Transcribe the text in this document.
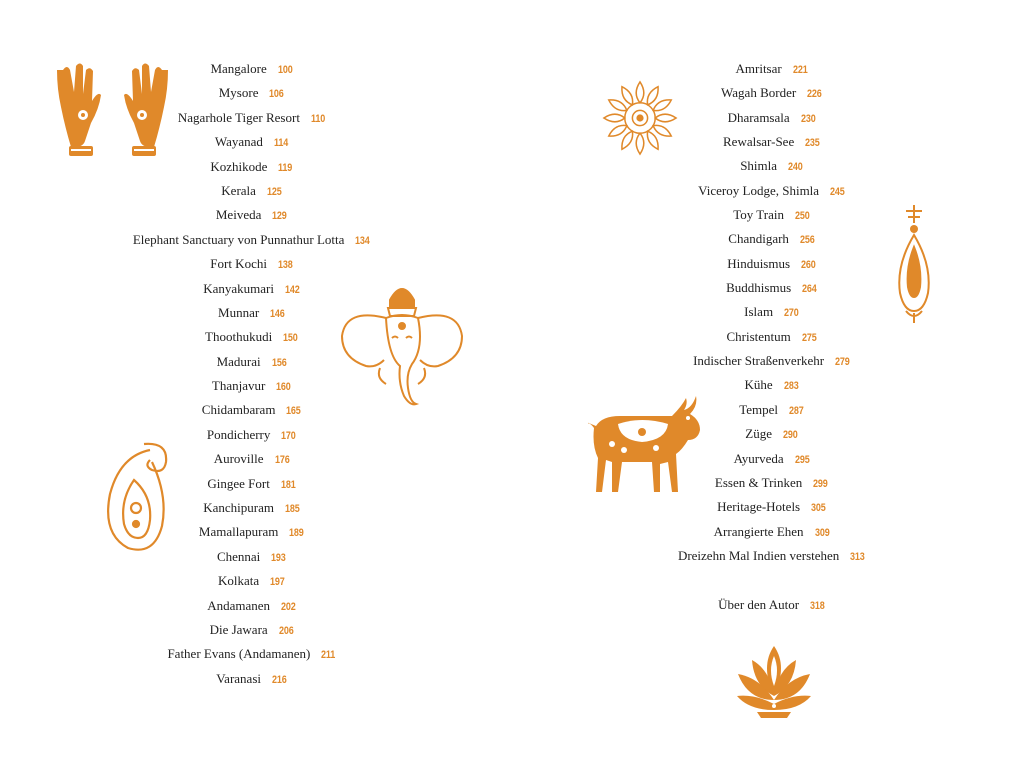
Mangalore 100
Mysore 106
Nagarhole Tiger Resort 110
Wayanad 114
Kozhikode 119
Kerala 125
Meiveda 129
Elephant Sanctuary von Punnathur Lotta 134
Fort Kochi 138
Kanyakumari 142
Munnar 146
Thoothukudi 150
Madurai 156
Thanjavur 160
Chidambaram 165
Pondicherry 170
Auroville 176
Gingee Fort 181
Kanchipuram 185
Mamallapuram 189
Chennai 193
Kolkata 197
Andamanen 202
Die Jawara 206
Father Evans (Andamanen) 211
Varanasi 216
Amritsar 221
Wagah Border 226
Dharamsala 230
Rewalsar-See 235
Shimla 240
Viceroy Lodge, Shimla 245
Toy Train 250
Chandigarh 256
Hinduismus 260
Buddhismus 264
Islam 270
Christentum 275
Indischer Straßenverkehr 279
Kühe 283
Tempel 287
Züge 290
Ayurveda 295
Essen & Trinken 299
Heritage-Hotels 305
Arrangierte Ehen 309
Dreizehn Mal Indien verstehen 313
Über den Autor 318
